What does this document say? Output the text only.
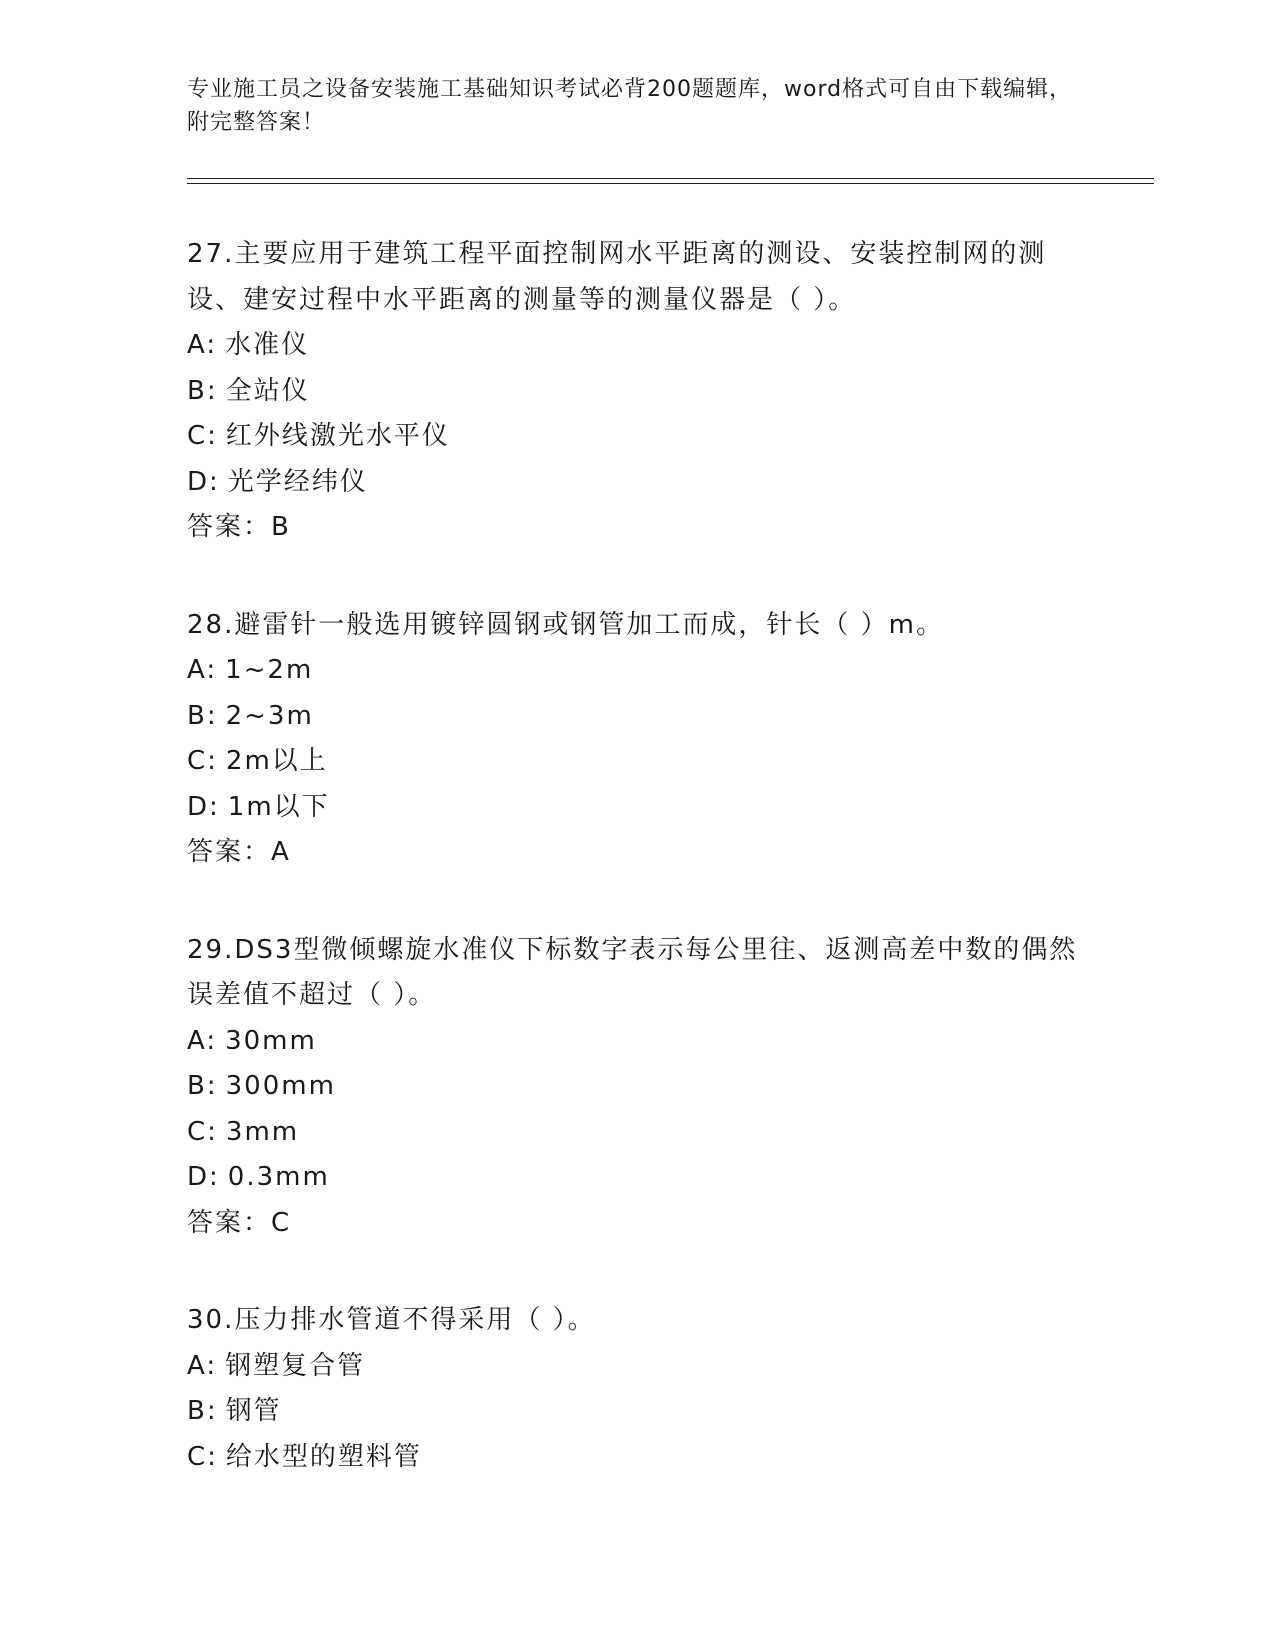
专业施工员之设备安装施工基础知识考试必背200题题库，word格式可自由下载编辑，附完整答案！
27.主要应用于建筑工程平面控制网水平距离的测设、安装控制网的测设、建安过程中水平距离的测量等的测量仪器是（ ）。
A: 水准仪
B: 全站仪
C: 红外线激光水平仪
D: 光学经纬仪
答案：B
28.避雷针一般选用镀锌圆钢或钢管加工而成，针长（ ）m。
A: 1~2m
B: 2~3m
C: 2m以上
D: 1m以下
答案：A
29.DS3型微倾螺旋水准仪下标数字表示每公里往、返测高差中数的偶然误差值不超过（ ）。
A: 30mm
B: 300mm
C: 3mm
D: 0.3mm
答案：C
30.压力排水管道不得采用（ ）。
A: 钢塑复合管
B: 钢管
C: 给水型的塑料管
